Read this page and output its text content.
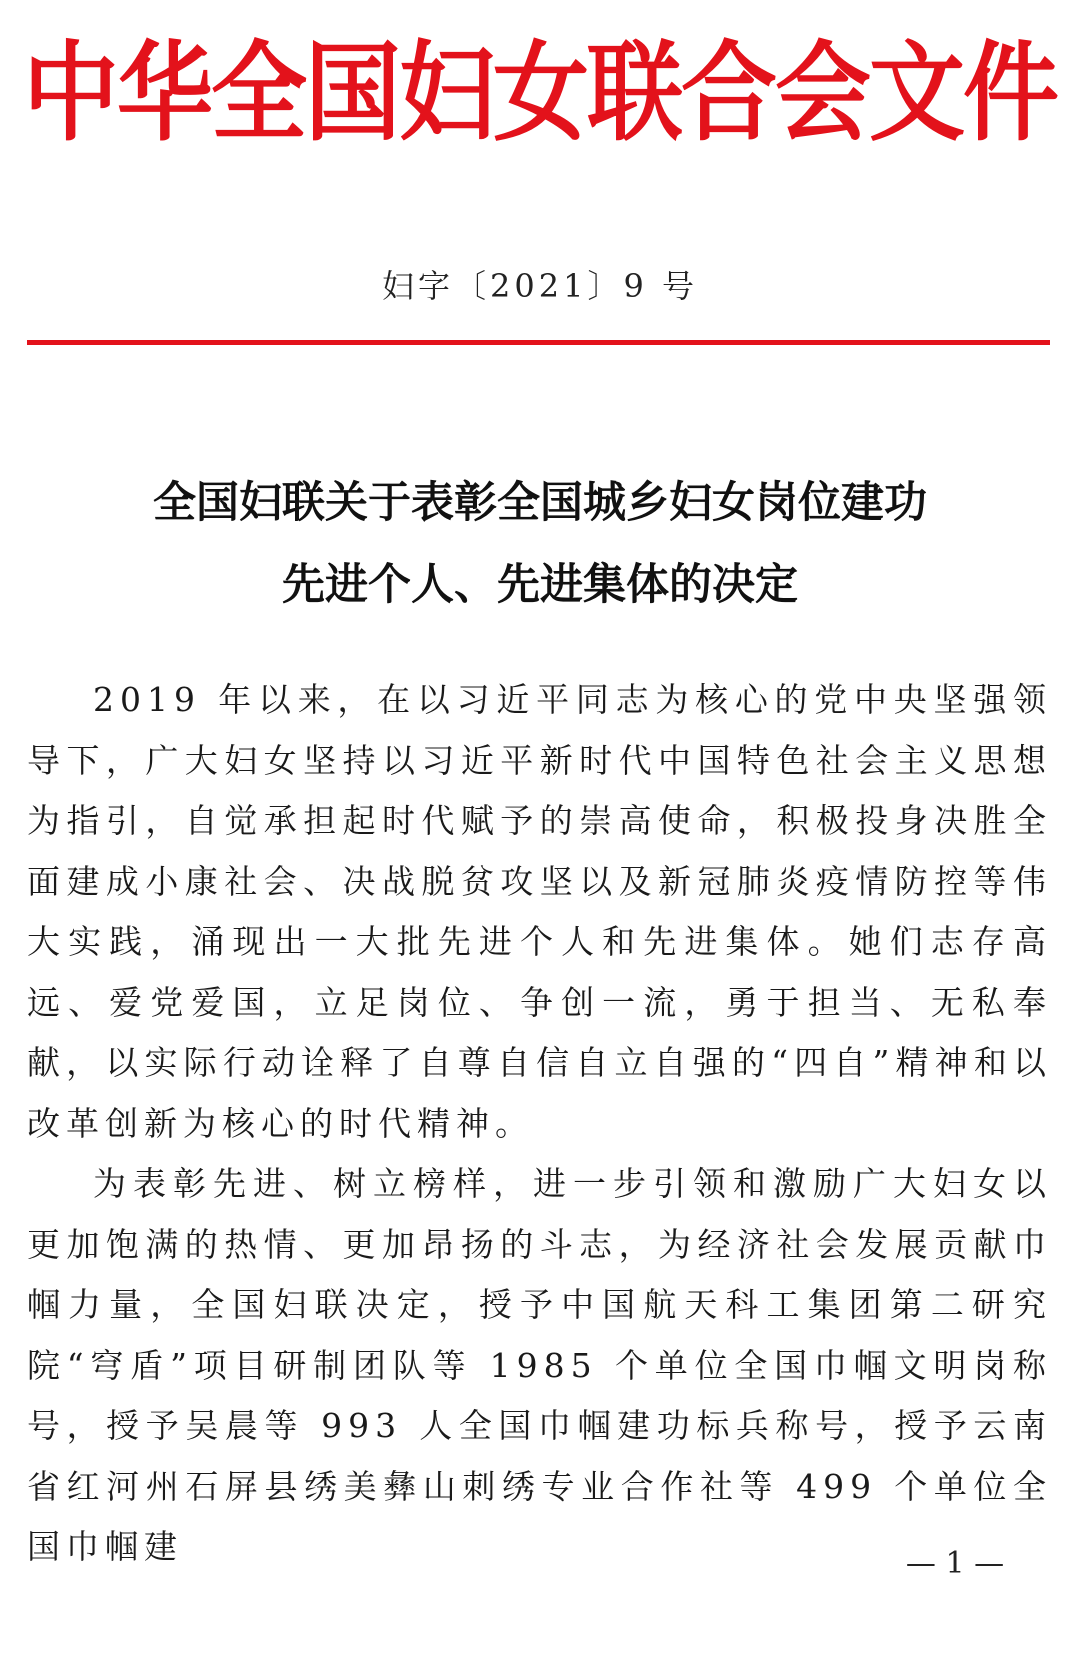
中华全国妇女联合会文件
妇字〔2021〕9 号
全国妇联关于表彰全国城乡妇女岗位建功
先进个人、先进集体的决定

2019 年以来，在以习近平同志为核心的党中央坚强领导下，广大妇女坚持以习近平新时代中国特色社会主义思想为指引，自觉承担起时代赋予的崇高使命，积极投身决胜全面建成小康社会、决战脱贫攻坚以及新冠肺炎疫情防控等伟大实践，涌现出一大批先进个人和先进集体。她们志存高远、爱党爱国，立足岗位、争创一流，勇于担当、无私奉献，以实际行动诠释了自尊自信自立自强的“四自”精神和以改革创新为核心的时代精神。

为表彰先进、树立榜样，进一步引领和激励广大妇女以更加饱满的热情、更加昂扬的斗志，为经济社会发展贡献巾帼力量，全国妇联决定，授予中国航天科工集团第二研究院“穹盾”项目研制团队等 1985 个单位全国巾帼文明岗称号，授予吴晨等 993 人全国巾帼建功标兵称号，授予云南省红河州石屏县绣美彝山刺绣专业合作社等 499 个单位全国巾帼建	— 1 —
